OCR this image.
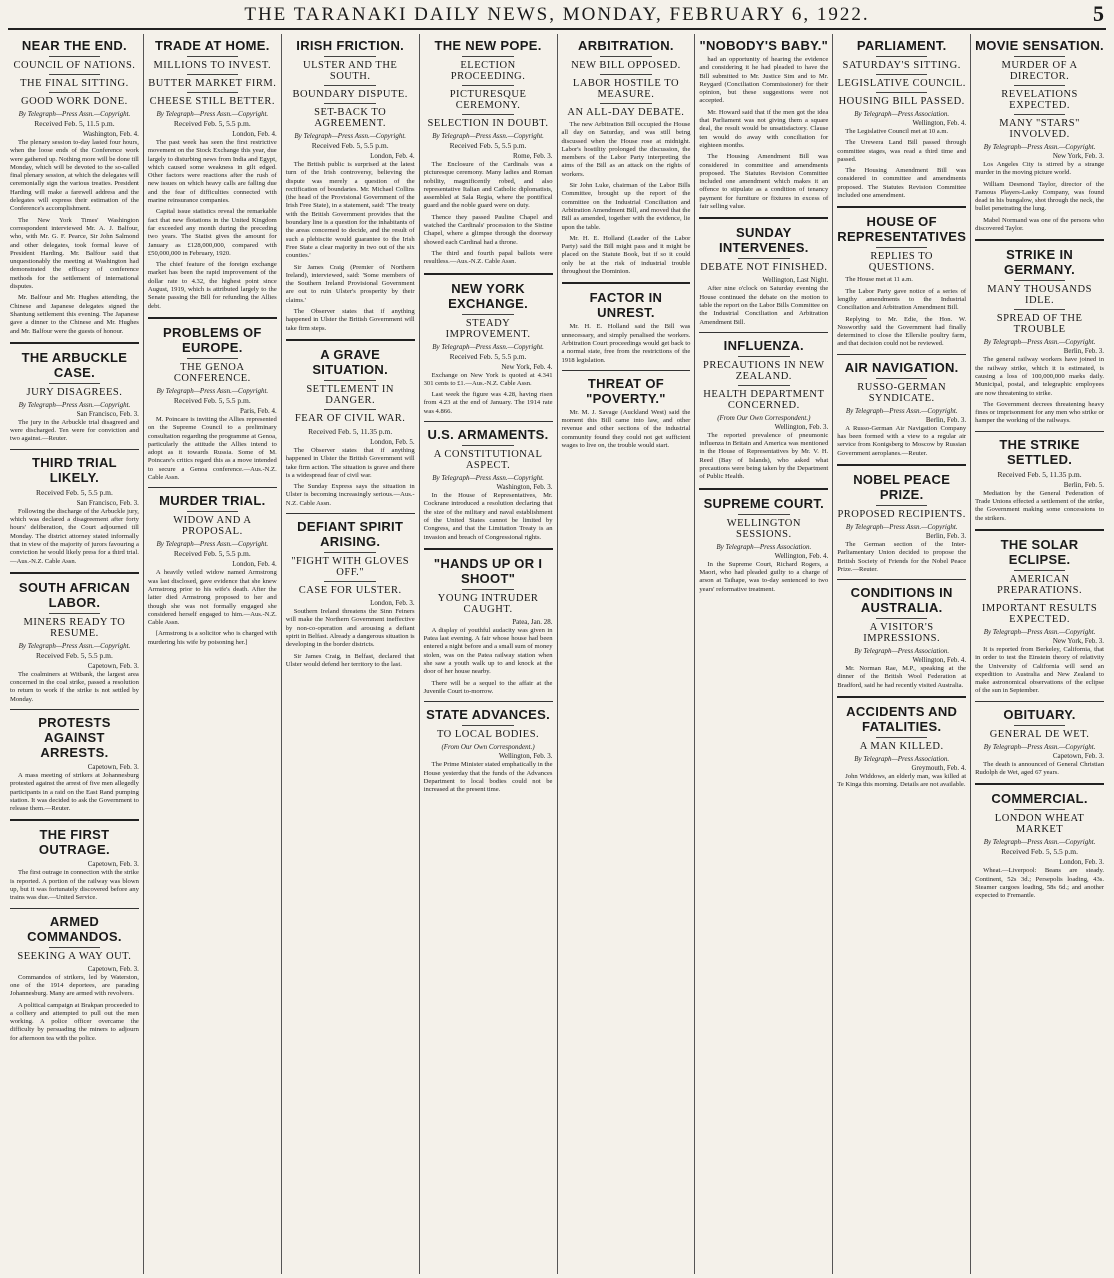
THE TARANAKI DAILY NEWS, MONDAY, FEBRUARY 6, 1922.	5
NEAR THE END.
COUNCIL OF NATIONS.
THE FINAL SITTING.
GOOD WORK DONE.
By Telegraph—Press Assn.—Copyright.
Received Feb. 5, 11.5 p.m.
Washington, Feb. 4.

The plenary session to-day lasted four hours, when the loose ends of the Conference work were gathered up. Nothing more will be done till Monday, which will be devoted to the so-called final plenary session, at which the delegates will ceremonially sign the various treaties. President Harding will make a farewell address and the delegates will express their estimation of the Conference's accomplishment.

The New York Times' Washington correspondent interviewed Mr. A. J. Balfour, who, with Mr. G. F. Pearce, Sir John Salmond and other delegates, took formal leave of President Harding. Mr. Balfour said that unquestionably the meeting at Washington had demonstrated the efficacy of conference methods for the settlement of international disputes.

Mr. Balfour and Mr. Hughes attending, the Chinese and Japanese delegates signed the Shantung settlement this evening. The Japanese gave a dinner to the Chinese and Mr. Hughes and Mr. Balfour were the guests of honour.

THE ARBUCKLE CASE.
JURY DISAGREES.
By Telegraph—Press Assn.—Copyright.
San Francisco, Feb. 3.

The jury in the Arbuckle trial disagreed and were discharged. Ten were for conviction and two against.—Reuter.

THIRD TRIAL LIKELY.
Received Feb. 5, 5.5 p.m.
San Francisco, Feb. 3.

Following the discharge of the Arbuckle jury, which was declared a disagreement after forty hours' deliberation, the Court adjourned till Monday. The district attorney stated informally that in view of the majority of jurors favouring a conviction he would likely press for a third trial.—Aus.-N.Z. Cable Assn.

SOUTH AFRICAN LABOR.
MINERS READY TO RESUME.
By Telegraph—Press Assn.—Copyright.
Received Feb. 5, 5.5 p.m.
Capetown, Feb. 3.

The coalminers at Witbank, the largest area concerned in the coal strike, passed a resolution to return to work if the strike is not settled by Monday.

PROTESTS AGAINST ARRESTS.
Capetown, Feb. 3.

A mass meeting of strikers at Johannesburg protested against the arrest of five men allegedly participants in a raid on the East Rand pumping station. It was decided to ask the Government to release them.—Reuter.

THE FIRST OUTRAGE.
Capetown, Feb. 3.

The first outrage in connection with the strike is reported. A portion of the railway was blown up, but it was fortunately discovered before any trains was due.—United Service.

ARMED COMMANDOS.
SEEKING A WAY OUT.
Capetown, Feb. 3.

Commandos of strikers, led by Waterston, one of the 1914 deportees, are parading Johannesburg. Many are armed with revolvers.

A political campaign at Brakpan proceeded to a colliery and attempted to pull out the men working. A police officer overcame the difficulty by persuading the miners to adjourn for afternoon tea with the police.

TRADE AT HOME.
MILLIONS TO INVEST.
BUTTER MARKET FIRM.
CHEESE STILL BETTER.
By Telegraph—Press Assn.—Copyright.
Received Feb. 5, 5.5 p.m.
London, Feb. 4.

The past week has seen the first restrictive movement on the Stock Exchange this year, due largely to disturbing news from India and Egypt, which caused some weakness in gilt edged. Other factors were reactions after the rush of new issues on which heavy calls are falling due and the fear of difficulties connected with marine reinsurance companies.

Capital issue statistics reveal the remarkable fact that new flotations in the United Kingdom far exceeded any month during the preceding two years. The Statist gives the amount for January as £128,000,000, compared with £50,000,000 in February, 1920.

The chief feature of the foreign exchange market has been the rapid improvement of the dollar rate to 4.32, the highest point since August, 1919, which is attributed largely to the Senate passing the Bill for refunding the Allies debt.

PROBLEMS OF EUROPE.
THE GENOA CONFERENCE.
By Telegraph—Press Assn.—Copyright.
Received Feb. 5, 5.5 p.m.
Paris, Feb. 4.

M. Poincare is inviting the Allies represented on the Supreme Council to a preliminary consultation regarding the programme at Genoa, particularly the attitude the Allies intend to adopt as it towards Russia. Some of M. Poincare's critics regard this as a move intended to secure a Genoa conference.—Aus.-N.Z. Cable Assn.

MURDER TRIAL.
WIDOW AND A PROPOSAL.
By Telegraph—Press Assn.—Copyright.
Received Feb. 5, 5.5 p.m.
London, Feb. 4.

A heavily veiled widow named Armstrong was last disclosed, gave evidence that she knew Armstrong prior to his wife's death. After the latter died Armstrong proposed to her and though she was not formally engaged she considered herself engaged to him.—Aus.-N.Z. Cable Assn.

[Armstrong is a solicitor who is charged with murdering his wife by poisoning her.]

IRISH FRICTION.
ULSTER AND THE SOUTH.
BOUNDARY DISPUTE.
SET-BACK TO AGREEMENT.
By Telegraph—Press Assn.—Copyright.
Received Feb. 5, 5.5 p.m.
London, Feb. 4.

The British public is surprised at the latest turn of the Irish controversy, believing the dispute was merely a question of the rectification of boundaries. Mr. Michael Collins (the head of the Provisional Government of the Irish Free State), in a statement, said: 'The treaty with the British Government provides that the boundary line is a question for the inhabitants of the areas concerned to decide, and the result of such a plebiscite would guarantee to the Irish Free State a clear majority in two out of the six counties.'

Sir James Craig (Premier of Northern Ireland), interviewed, said: 'Some members of the Southern Ireland Provisional Government are out to ruin Ulster's prosperity by their claims.'

The Observer states that if anything happened in Ulster the British Government will take firm steps.

A GRAVE SITUATION.
SETTLEMENT IN DANGER.
FEAR OF CIVIL WAR.
Received Feb. 5, 11.35 p.m.
London, Feb. 5.

The Observer states that if anything happened in Ulster the British Government will take firm action. The situation is grave and there is a widespread fear of civil war.

The Sunday Express says the situation in Ulster is becoming increasingly serious.—Aus.-N.Z. Cable Assn.

DEFIANT SPIRIT ARISING.
"FIGHT WITH GLOVES OFF."
CASE FOR ULSTER.
London, Feb. 3.

Southern Ireland threatens the Sinn Feiners will make the Northern Government ineffective by non-co-operation and arousing a defiant spirit in Belfast. Already a dangerous situation is developing in the border districts.

Sir James Craig, in Belfast, declared that Ulster would defend her territory to the last.

THE NEW POPE.
ELECTION PROCEEDING.
PICTURESQUE CEREMONY.
SELECTION IN DOUBT.
By Telegraph—Press Assn.—Copyright.
Received Feb. 5, 5.5 p.m.
Rome, Feb. 3.

The Enclosure of the Cardinals was a picturesque ceremony. Many ladies and Roman nobility, magnificently robed, and also representative Italian and Catholic diplomatists, assembled at Sala Regia, where the pontifical guard and the noble guard were on duty.

Thence they passed Pauline Chapel and watched the Cardinals' procession to the Sistine Chapel, where a glimpse through the doorway showed each Cardinal had a throne.

The third and fourth papal ballots were resultless.—Aus.-N.Z. Cable Assn.

NEW YORK EXCHANGE.
STEADY IMPROVEMENT.
By Telegraph—Press Assn.—Copyright.
Received Feb. 5, 5.5 p.m.
New York, Feb. 4.

Exchange on New York is quoted at 4.341 301 cents to £1.—Aus.-N.Z. Cable Assn.

Last week the figure was 4.28, having risen from 4.23 at the end of January. The 1914 rate was 4.866.

U.S. ARMAMENTS.
A CONSTITUTIONAL ASPECT.
By Telegraph—Press Assn.—Copyright.
Washington, Feb. 3.

In the House of Representatives, Mr. Cockrane introduced a resolution declaring that the size of the military and naval establishment of the United States cannot be limited by Congress, and that the Limitation Treaty is an invasion and breach of Congressional rights.

"HANDS UP OR I SHOOT"
YOUNG INTRUDER CAUGHT.
Patea, Jan. 28.

A display of youthful audacity was given in Patea last evening. A fair whose house had been entered a night before and a small sum of money stolen, was on the Patea railway station when she saw a youth walk up to and knock at the door of her house nearby.

There will be a sequel to the affair at the Juvenile Court to-morrow.

STATE ADVANCES.
TO LOCAL BODIES.
(From Our Own Correspondent.)
Wellington, Feb. 3.

The Prime Minister stated emphatically in the House yesterday that the funds of the Advances Department to local bodies could not be increased at the present time.

ARBITRATION.
NEW BILL OPPOSED.
LABOR HOSTILE TO MEASURE.
AN ALL-DAY DEBATE.

The new Arbitration Bill occupied the House all day on Saturday, and was still being discussed when the House rose at midnight. Labor's hostility prolonged the discussion, the members of the Labor Party interpreting the aims of the Bill as an attack on the rights of workers.

Sir John Luke, chairman of the Labor Bills Committee, brought up the report of the committee on the Industrial Conciliation and Arbitration Amendment Bill, and moved that the Bill as amended, together with the evidence, lie upon the table.

Mr. H. E. Holland (Leader of the Labor Party) said the Bill might pass and it might be placed on the Statute Book, but if so it could only be at the risk of industrial trouble throughout the Dominion.

FACTOR IN UNREST.

Mr. H. E. Holland said the Bill was unnecessary, and simply penalised the workers. Arbitration Court proceedings would get back to a normal state, free from the restrictions of the 1918 legislation.

THREAT OF "POVERTY."

Mr. M. J. Savage (Auckland West) said the moment this Bill came into law, and other revenue and other sections of the industrial community found they could not get sufficient wages to live on, the trouble would start.

"NOBODY'S BABY."

had an opportunity of hearing the evidence and considering it he had pleaded to have the Bill submitted to Mr. Justice Sim and to Mr. Reygard (Conciliation Commissioner) for their opinion, but these suggestions were not accepted.

Mr. Howard said that if the men got the idea that Parliament was not giving them a square deal, the result would be unsatisfactory. Clause ten would do away with conciliation for eighteen months.

The Housing Amendment Bill was considered in committee and amendments proposed. The Statutes Revision Committee included one amendment which makes it an offence to stipulate as a condition of tenancy payment for furniture or fixtures in excess of fair selling value.

SUNDAY INTERVENES.
DEBATE NOT FINISHED.
Wellington, Last Night.

After nine o'clock on Saturday evening the House continued the debate on the motion to table the report on the Labor Bills Committee on the Industrial Conciliation and Arbitration Amendment Bill.

INFLUENZA.
PRECAUTIONS IN NEW ZEALAND.
HEALTH DEPARTMENT CONCERNED.
(From Our Own Correspondent.)
Wellington, Feb. 3.

The reported prevalence of pneumonic influenza in Britain and America was mentioned in the House of Representatives by Mr. V. H. Reed (Bay of Islands), who asked what precautions were being taken by the Department of Public Health.

SUPREME COURT.
WELLINGTON SESSIONS.
By Telegraph—Press Association.
Wellington, Feb. 4.

In the Supreme Court, Richard Rogers, a Maori, who had pleaded guilty to a charge of arson at Taihape, was to-day sentenced to two years' reformative treatment.

PARLIAMENT.
SATURDAY'S SITTING.
LEGISLATIVE COUNCIL.
HOUSING BILL PASSED.
By Telegraph—Press Association.
Wellington, Feb. 4.

The Legislative Council met at 10 a.m.

The Urewera Land Bill passed through committee stages, was read a third time and passed.

The Housing Amendment Bill was considered in committee and amendments proposed. The Statutes Revision Committee included one amendment.

HOUSE OF REPRESENTATIVES
REPLIES TO QUESTIONS.

The House met at 11 a.m.

The Labor Party gave notice of a series of lengthy amendments to the Industrial Conciliation and Arbitration Amendment Bill.

Replying to Mr. Edie, the Hon. W. Nosworthy said the Government had finally determined to close the Ellerslie poultry farm, and that decision could not be reviewed.

AIR NAVIGATION.
RUSSO-GERMAN SYNDICATE.
By Telegraph—Press Assn.—Copyright.
Berlin, Feb. 3.

A Russo-German Air Navigation Company has been formed with a view to a regular air service from Konigsberg to Moscow by Russian Government aeroplanes.—Reuter.

NOBEL PEACE PRIZE.
PROPOSED RECIPIENTS.
By Telegraph—Press Assn.—Copyright.
Berlin, Feb. 3.

The German section of the Inter-Parliamentary Union decided to propose the British Society of Friends for the Nobel Peace Prize.—Reuter.

CONDITIONS IN AUSTRALIA.
A VISITOR'S IMPRESSIONS.
By Telegraph—Press Association.
Wellington, Feb. 4.

Mr. Norman Rae, M.P., speaking at the dinner of the British Wool Federation at Bradford, said he had recently visited Australia.

ACCIDENTS AND FATALITIES.
A MAN KILLED.
By Telegraph—Press Association.
Greymouth, Feb. 4.

John Widdows, an elderly man, was killed at Te Kinga this morning. Details are not available.

MOVIE SENSATION.
MURDER OF A DIRECTOR.
REVELATIONS EXPECTED.
MANY "STARS" INVOLVED.
By Telegraph—Press Assn.—Copyright.
New York, Feb. 3.

Los Angeles City is stirred by a strange murder in the moving picture world.

William Desmond Taylor, director of the Famous Players-Lasky Company, was found dead in his bungalow, shot through the neck, the bullet penetrating the lung.

Mabel Normand was one of the persons who discovered Taylor.

STRIKE IN GERMANY.
MANY THOUSANDS IDLE.
SPREAD OF THE TROUBLE
By Telegraph—Press Assn.—Copyright.
Berlin, Feb. 3.

The general railway workers have joined in the railway strike, which it is estimated, is causing a loss of 100,000,000 marks daily. Municipal, postal, and telegraphic employees are now threatening to strike.

The Government decrees threatening heavy fines or imprisonment for any men who strike or hamper the working of the railways.

THE STRIKE SETTLED.
Received Feb. 5, 11.35 p.m.
Berlin, Feb. 5.

Mediation by the General Federation of Trade Unions effected a settlement of the strike, the Government making some concessions to the strikers.

THE SOLAR ECLIPSE.
AMERICAN PREPARATIONS.
IMPORTANT RESULTS EXPECTED.
By Telegraph—Press Assn.—Copyright.
New York, Feb. 3.

It is reported from Berkeley, California, that in order to test the Einstein theory of relativity the University of California will send an expedition to Australia and New Zealand to make astronomical observations of the eclipse of the sun in September.

OBITUARY.
GENERAL DE WET.
By Telegraph—Press Assn.—Copyright.
Capetown, Feb. 3.

The death is announced of General Christian Rudolph de Wet, aged 67 years.

COMMERCIAL.
LONDON WHEAT MARKET
By Telegraph—Press Assn.—Copyright.
Received Feb. 5, 5.5 p.m.
London, Feb. 3.

Wheat.—Liverpool: Beans are steady. Continent, 52s 3d.; Persepolis loading, 43s. Steamer cargoes loading, 58s 6d.; and another expected to Fremantle.
